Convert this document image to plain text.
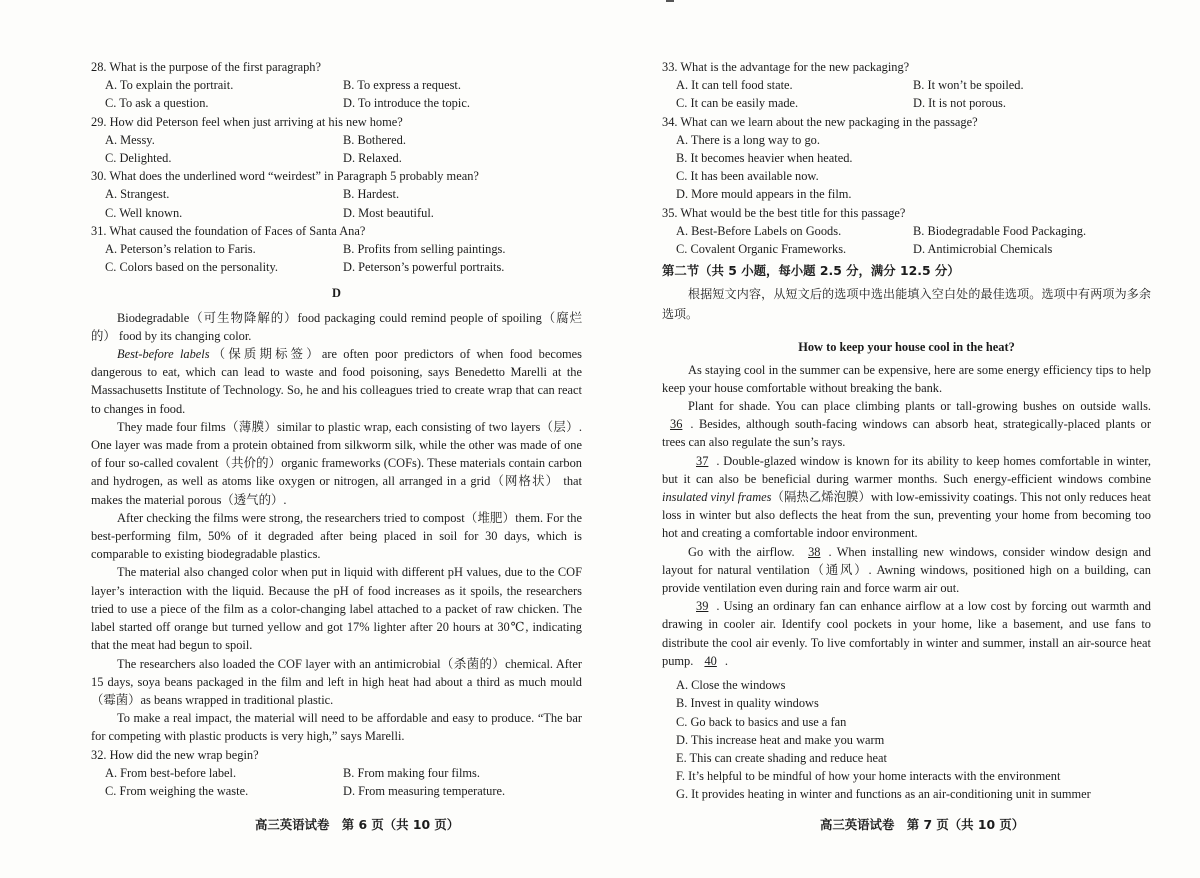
28. What is the purpose of the first paragraph?
A. To explain the portrait.	B. To express a request.
C. To ask a question.	D. To introduce the topic.
29. How did Peterson feel when just arriving at his new home?
A. Messy.	B. Bothered.
C. Delighted.	D. Relaxed.
30. What does the underlined word “weirdest” in Paragraph 5 probably mean?
A. Strangest.	B. Hardest.
C. Well known.	D. Most beautiful.
31. What caused the foundation of Faces of Santa Ana?
A. Peterson’s relation to Faris.	B. Profits from selling paintings.
C. Colors based on the personality.	D. Peterson’s powerful portraits.
D
Biodegradable（可生物降解的）food packaging could remind people of spoiling（腐烂的） food by its changing color.
Best-before labels（保质期标签）are often poor predictors of when food becomes dangerous to eat, which can lead to waste and food poisoning, says Benedetto Marelli at the Massachusetts Institute of Technology. So, he and his colleagues tried to create wrap that can react to changes in food.
They made four films（薄膜）similar to plastic wrap, each consisting of two layers（层）. One layer was made from a protein obtained from silkworm silk, while the other was made of one of four so-called covalent（共价的）organic frameworks (COFs). These materials contain carbon and hydrogen, as well as atoms like oxygen or nitrogen, all arranged in a grid（网格状） that makes the material porous（透气的）.
After checking the films were strong, the researchers tried to compost（堆肥）them. For the best-performing film, 50% of it degraded after being placed in soil for 30 days, which is comparable to existing biodegradable plastics.
The material also changed color when put in liquid with different pH values, due to the COF layer’s interaction with the liquid. Because the pH of food increases as it spoils, the researchers tried to use a piece of the film as a color-changing label attached to a packet of raw chicken. The label started off orange but turned yellow and got 17% lighter after 20 hours at 30℃, indicating that the meat had begun to spoil.
The researchers also loaded the COF layer with an antimicrobial（杀菌的）chemical. After 15 days, soya beans packaged in the film and left in high heat had about a third as much mould （霉菌）as beans wrapped in traditional plastic.
To make a real impact, the material will need to be affordable and easy to produce. “The bar for competing with plastic products is very high,” says Marelli.
32. How did the new wrap begin?
A. From best-before label.	B. From making four films.
C. From weighing the waste.	D. From measuring temperature.
高三英语试卷　第 6 页（共 10 页）
33. What is the advantage for the new packaging?
A. It can tell food state.	B. It won’t be spoiled.
C. It can be easily made.	D. It is not porous.
34. What can we learn about the new packaging in the passage?
A. There is a long way to go.
B. It becomes heavier when heated.
C. It has been available now.
D. More mould appears in the film.
35. What would be the best title for this passage?
A. Best-Before Labels on Goods.	B. Biodegradable Food Packaging.
C. Covalent Organic Frameworks.	D. Antimicrobial Chemicals
第二节（共 5 小题，每小题 2.5 分，满分 12.5 分）
根据短文内容，从短文后的选项中选出能填入空白处的最佳选项。选项中有两项为多余选项。
How to keep your house cool in the heat?
As staying cool in the summer can be expensive, here are some energy efficiency tips to help keep your house comfortable without breaking the bank.
Plant for shade. You can place climbing plants or tall-growing bushes on outside walls. 36 . Besides, although south-facing windows can absorb heat, strategically-placed plants or trees can also regulate the sun’s rays.
37 . Double-glazed window is known for its ability to keep homes comfortable in winter, but it can also be beneficial during warmer months. Such energy-efficient windows combine insulated vinyl frames（隔热乙烯泡膜）with low-emissivity coatings. This not only reduces heat loss in winter but also deflects the heat from the sun, preventing your home from becoming too hot and creating a comfortable indoor environment.
Go with the airflow. 38 . When installing new windows, consider window design and layout for natural ventilation（通风）. Awning windows, positioned high on a building, can provide ventilation even during rain and force warm air out.
39 . Using an ordinary fan can enhance airflow at a low cost by forcing out warmth and drawing in cooler air. Identify cool pockets in your home, like a basement, and use fans to distribute the cool air evenly. To live comfortably in winter and summer, install an air-source heat pump. 40 .
A. Close the windows
B. Invest in quality windows
C. Go back to basics and use a fan
D. This increase heat and make you warm
E. This can create shading and reduce heat
F. It’s helpful to be mindful of how your home interacts with the environment
G. It provides heating in winter and functions as an air-conditioning unit in summer
高三英语试卷　第 7 页（共 10 页）
